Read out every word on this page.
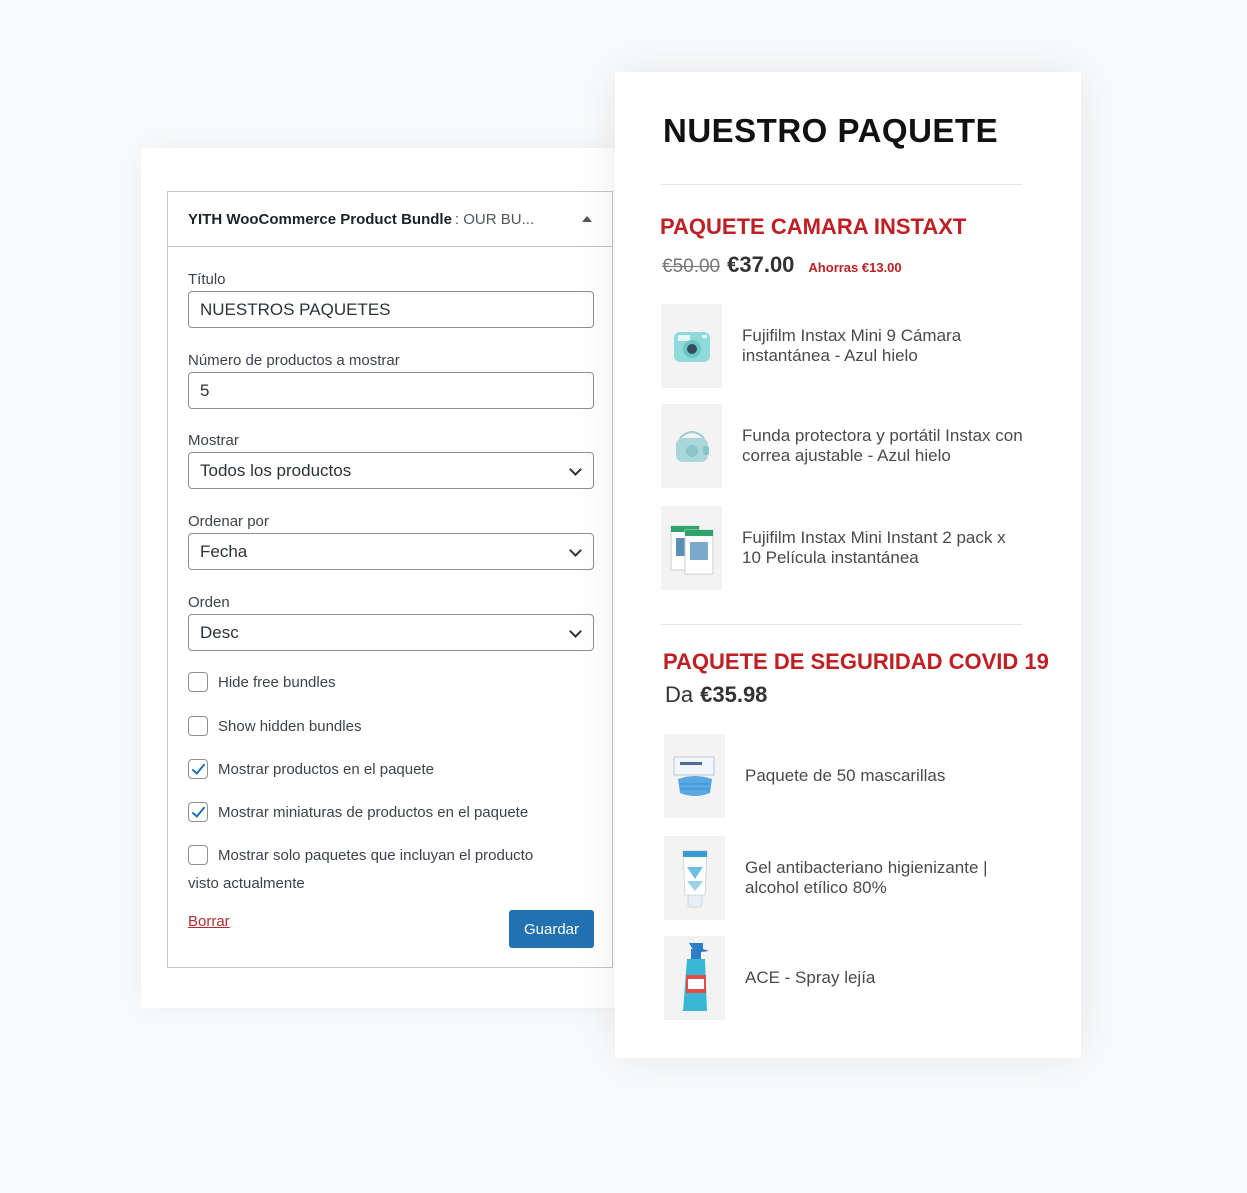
YITH WooCommerce Product Bundle : OUR BU...
Título
NUESTROS PAQUETES
Número de productos a mostrar
5
Mostrar
Todos los productos
Ordenar por
Fecha
Orden
Desc
Hide free bundles
Show hidden bundles
Mostrar productos en el paquete
Mostrar miniaturas de productos en el paquete
Mostrar solo paquetes que incluyan el producto
visto actualmente
Borrar	Guardar
NUESTRO PAQUETE
PAQUETE CAMARA INSTAXT
€50.00 €37.00 Ahorras €13.00
Fujifilm Instax Mini 9 Cámara instantánea - Azul hielo
Funda protectora y portátil Instax con correa ajustable - Azul hielo
Fujifilm Instax Mini Instant 2 pack x 10 Película instantánea
PAQUETE DE SEGURIDAD COVID 19
Da €35.98
Paquete de 50 mascarillas
Gel antibacteriano higienizante | alcohol etílico 80%
ACE - Spray lejía
